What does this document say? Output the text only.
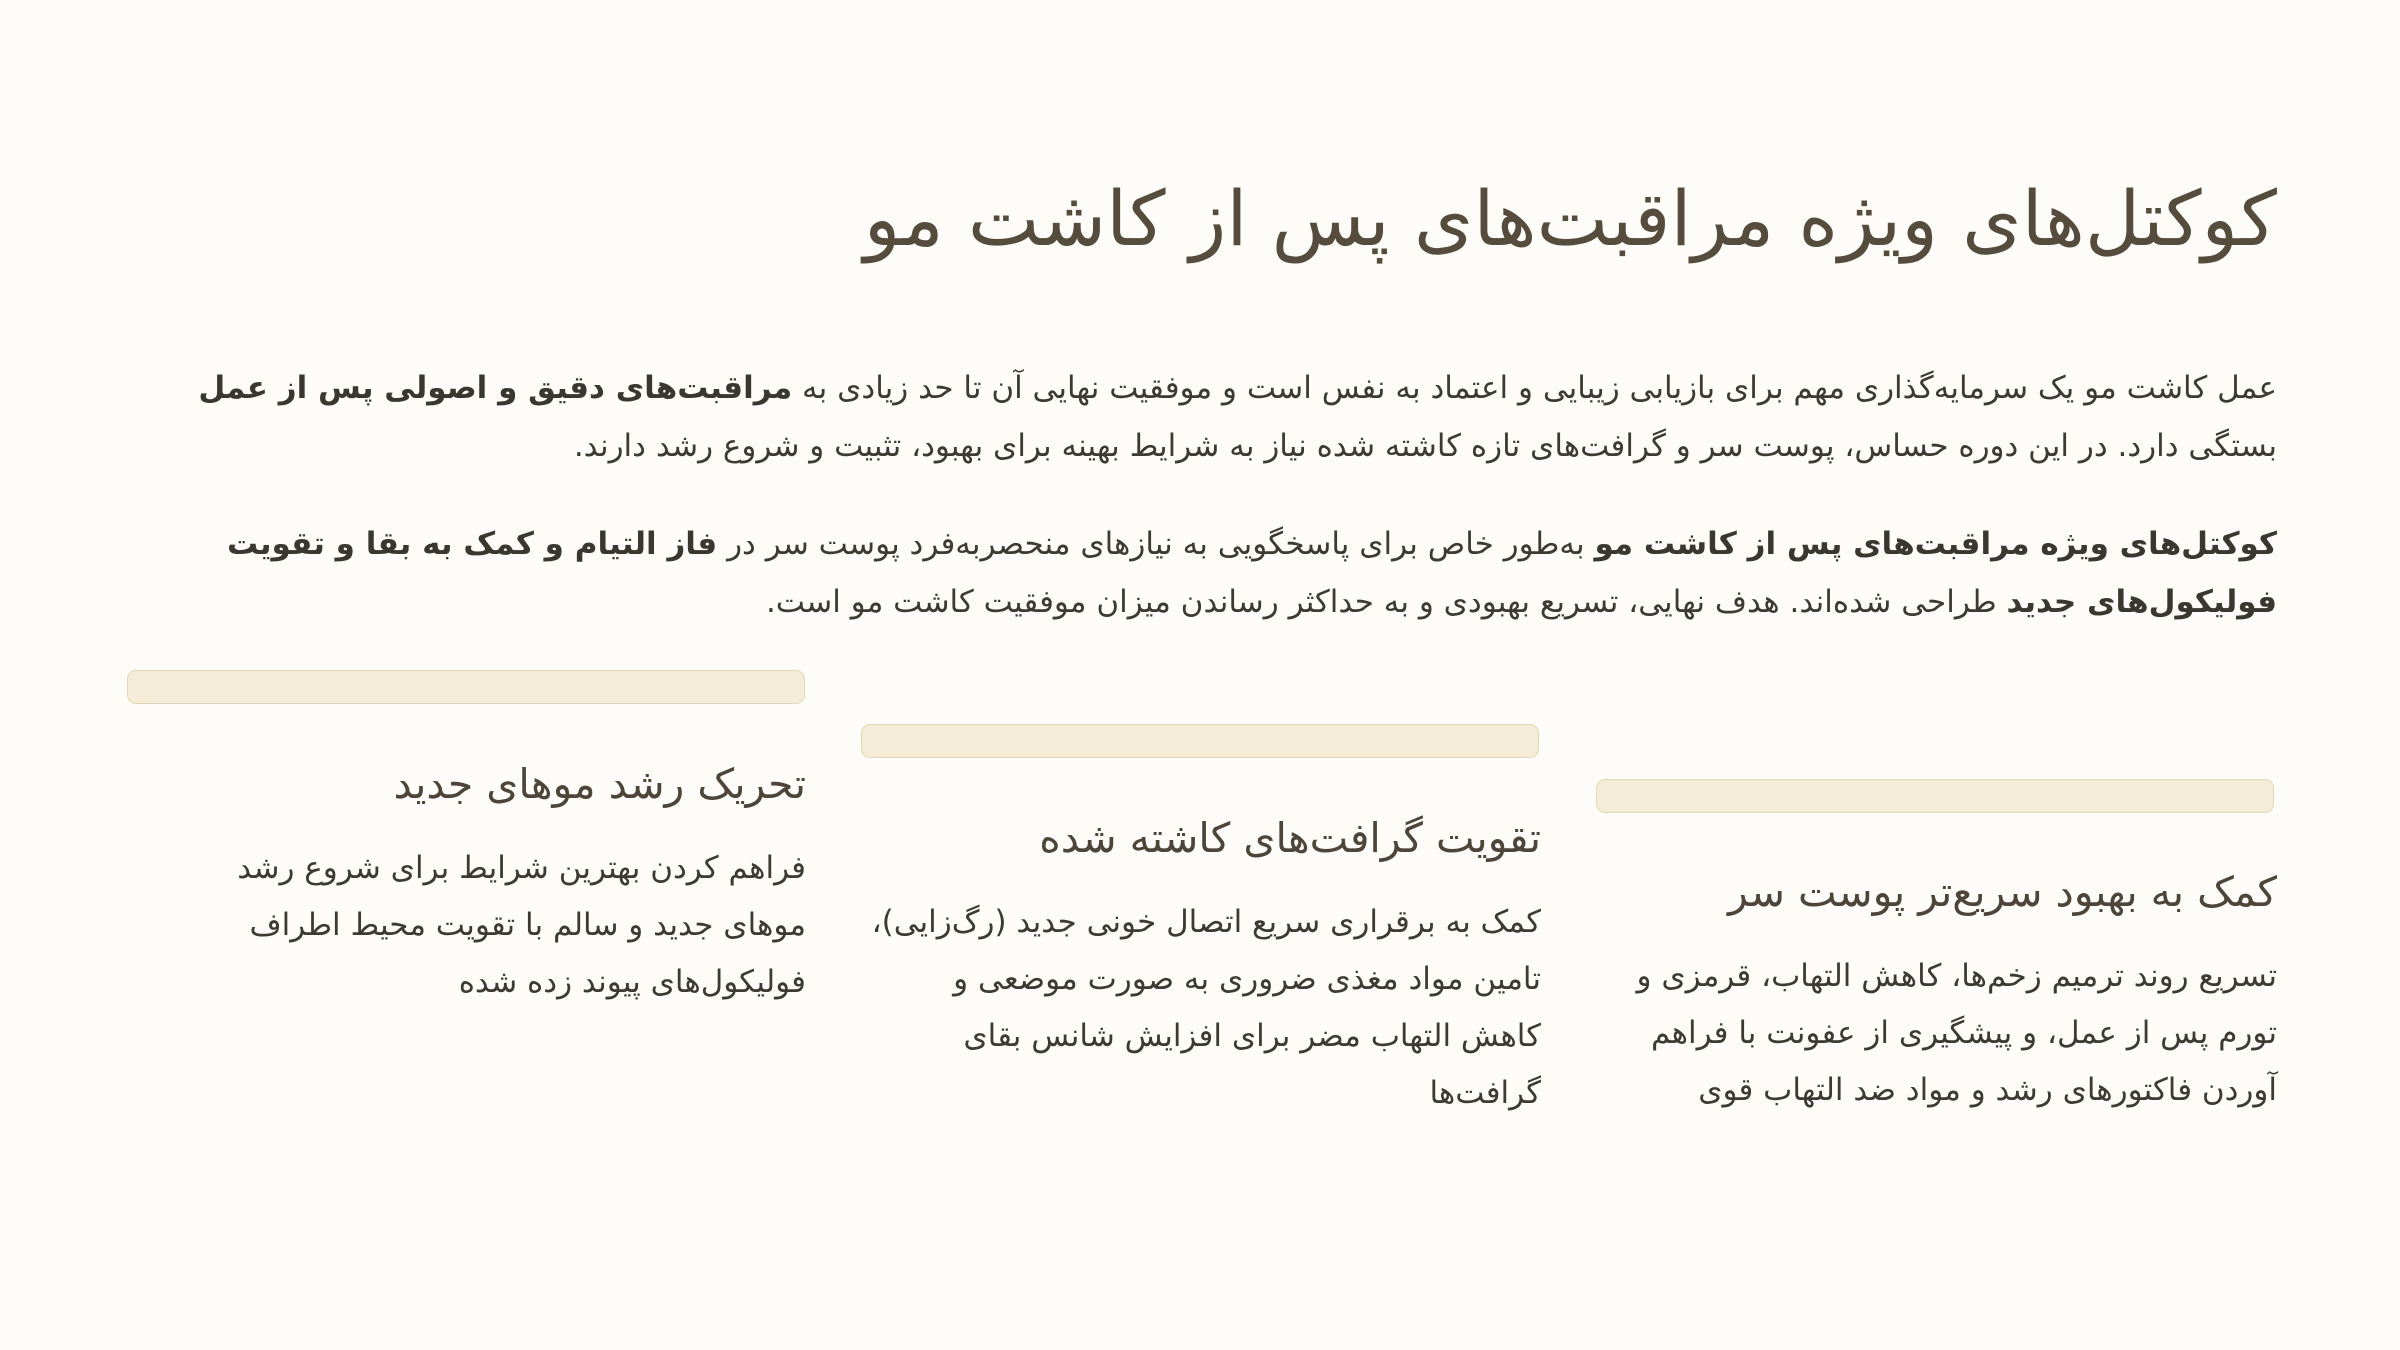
کوکتل‌های ویژه مراقبت‌های پس از کاشت مو

عمل کاشت مو یک سرمایه‌گذاری مهم برای بازیابی زیبایی و اعتماد به نفس است و موفقیت نهایی آن تا حد زیادی به مراقبت‌های دقیق و اصولی پس از عمل بستگی دارد. در این دوره حساس، پوست سر و گرافت‌های تازه کاشته شده نیاز به شرایط بهینه برای بهبود، تثبیت و شروع رشد دارند.

کوکتل‌های ویژه مراقبت‌های پس از کاشت مو به‌طور خاص برای پاسخگویی به نیازهای منحصربه‌فرد پوست سر در فاز التیام و کمک به بقا و تقویت فولیکول‌های جدید طراحی شده‌اند. هدف نهایی، تسریع بهبودی و به حداکثر رساندن میزان موفقیت کاشت مو است.

کمک به بهبود سریع‌تر پوست سر

تسریع روند ترمیم زخم‌ها، کاهش التهاب، قرمزی و تورم پس از عمل، و پیشگیری از عفونت با فراهم آوردن فاکتورهای رشد و مواد ضد التهاب قوی

تقویت گرافت‌های کاشته شده

کمک به برقراری سریع اتصال خونی جدید (رگ‌زایی)، تامین مواد مغذی ضروری به صورت موضعی و کاهش التهاب مضر برای افزایش شانس بقای گرافت‌ها

تحریک رشد موهای جدید

فراهم کردن بهترین شرایط برای شروع رشد موهای جدید و سالم با تقویت محیط اطراف فولیکول‌های پیوند زده شده
